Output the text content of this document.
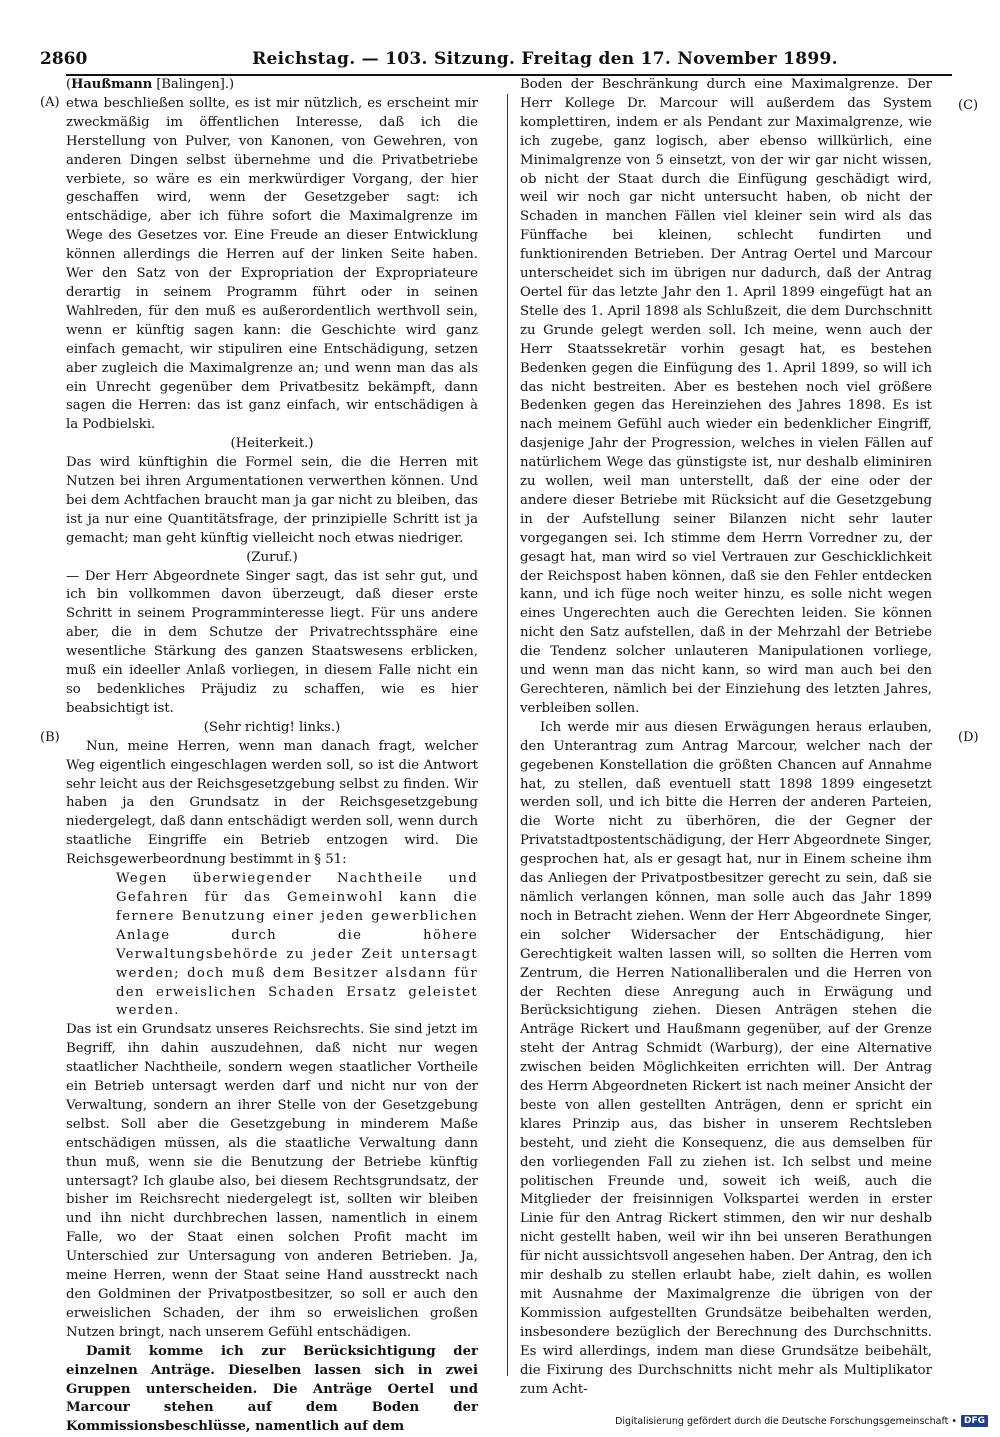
2860	Reichstag. — 103. Sitzung. Freitag den 17. November 1899.
(A)
(B)
(C)
(D)

(Haußmann [Balingen].)

etwa beschließen sollte, es ist mir nützlich, es erscheint mir zweckmäßig im öffentlichen Interesse, daß ich die Herstellung von Pulver, von Kanonen, von Gewehren, von anderen Dingen selbst übernehme und die Privatbetriebe verbiete, so wäre es ein merkwürdiger Vorgang, der hier geschaffen wird, wenn der Gesetzgeber sagt: ich entschädige, aber ich führe sofort die Maximalgrenze im Wege des Gesetzes vor. Eine Freude an dieser Entwicklung können allerdings die Herren auf der linken Seite haben. Wer den Satz von der Expropriation der Expropriateure derartig in seinem Programm führt oder in seinen Wahlreden, für den muß es außerordentlich werthvoll sein, wenn er künftig sagen kann: die Geschichte wird ganz einfach gemacht, wir stipuliren eine Entschädigung, setzen aber zugleich die Maximalgrenze an; und wenn man das als ein Unrecht gegenüber dem Privatbesitz bekämpft, dann sagen die Herren: das ist ganz einfach, wir entschädigen à la Podbielski.

(Heiterkeit.)

Das wird künftighin die Formel sein, die die Herren mit Nutzen bei ihren Argumentationen verwerthen können. Und bei dem Achtfachen braucht man ja gar nicht zu bleiben, das ist ja nur eine Quantitätsfrage, der prinzipielle Schritt ist ja gemacht; man geht künftig vielleicht noch etwas niedriger.

(Zuruf.)

— Der Herr Abgeordnete Singer sagt, das ist sehr gut, und ich bin vollkommen davon überzeugt, daß dieser erste Schritt in seinem Programminteresse liegt. Für uns andere aber, die in dem Schutze der Privatrechtssphäre eine wesentliche Stärkung des ganzen Staatswesens erblicken, muß ein ideeller Anlaß vorliegen, in diesem Falle nicht ein so bedenkliches Präjudiz zu schaffen, wie es hier beabsichtigt ist.

(Sehr richtig! links.)

Nun, meine Herren, wenn man danach fragt, welcher Weg eigentlich eingeschlagen werden soll, so ist die Antwort sehr leicht aus der Reichsgesetzgebung selbst zu finden. Wir haben ja den Grundsatz in der Reichsgesetzgebung niedergelegt, daß dann entschädigt werden soll, wenn durch staatliche Eingriffe ein Betrieb entzogen wird. Die Reichsgewerbeordnung bestimmt in § 51:

Wegen überwiegender Nachtheile und Gefahren für das Gemeinwohl kann die fernere Benutzung einer jeden gewerblichen Anlage durch die höhere Verwaltungsbehörde zu jeder Zeit untersagt werden; doch muß dem Besitzer alsdann für den erweislichen Schaden Ersatz geleistet werden.

Das ist ein Grundsatz unseres Reichsrechts. Sie sind jetzt im Begriff, ihn dahin auszudehnen, daß nicht nur wegen staatlicher Nachtheile, sondern wegen staatlicher Vortheile ein Betrieb untersagt werden darf und nicht nur von der Verwaltung, sondern an ihrer Stelle von der Gesetzgebung selbst. Soll aber die Gesetzgebung in minderem Maße entschädigen müssen, als die staatliche Verwaltung dann thun muß, wenn sie die Benutzung der Betriebe künftig untersagt? Ich glaube also, bei diesem Rechtsgrundsatz, der bisher im Reichsrecht niedergelegt ist, sollten wir bleiben und ihn nicht durchbrechen lassen, namentlich in einem Falle, wo der Staat einen solchen Profit macht im Unterschied zur Untersagung von anderen Betrieben. Ja, meine Herren, wenn der Staat seine Hand ausstreckt nach den Goldminen der Privatpostbesitzer, so soll er auch den erweislichen Schaden, der ihm so erweislichen großen Nutzen bringt, nach unserem Gefühl entschädigen.

Damit komme ich zur Berücksichtigung der einzelnen Anträge. Dieselben lassen sich in zwei Gruppen unterscheiden. Die Anträge Oertel und Marcour stehen auf dem Boden der Kommissionsbeschlüsse, namentlich auf dem

Boden der Beschränkung durch eine Maximalgrenze. Der Herr Kollege Dr. Marcour will außerdem das System komplettiren, indem er als Pendant zur Maximalgrenze, wie ich zugebe, ganz logisch, aber ebenso willkürlich, eine Minimalgrenze von 5 einsetzt, von der wir gar nicht wissen, ob nicht der Staat durch die Einfügung geschädigt wird, weil wir noch gar nicht untersucht haben, ob nicht der Schaden in manchen Fällen viel kleiner sein wird als das Fünffache bei kleinen, schlecht fundirten und funktionirenden Betrieben. Der Antrag Oertel und Marcour unterscheidet sich im übrigen nur dadurch, daß der Antrag Oertel für das letzte Jahr den 1. April 1899 eingefügt hat an Stelle des 1. April 1898 als Schlußzeit, die dem Durchschnitt zu Grunde gelegt werden soll. Ich meine, wenn auch der Herr Staatssekretär vorhin gesagt hat, es bestehen Bedenken gegen die Einfügung des 1. April 1899, so will ich das nicht bestreiten. Aber es bestehen noch viel größere Bedenken gegen das Hereinziehen des Jahres 1898. Es ist nach meinem Gefühl auch wieder ein bedenklicher Eingriff, dasjenige Jahr der Progression, welches in vielen Fällen auf natürlichem Wege das günstigste ist, nur deshalb eliminiren zu wollen, weil man unterstellt, daß der eine oder der andere dieser Betriebe mit Rücksicht auf die Gesetzgebung in der Aufstellung seiner Bilanzen nicht sehr lauter vorgegangen sei. Ich stimme dem Herrn Vorredner zu, der gesagt hat, man wird so viel Vertrauen zur Geschicklichkeit der Reichspost haben können, daß sie den Fehler entdecken kann, und ich füge noch weiter hinzu, es solle nicht wegen eines Ungerechten auch die Gerechten leiden. Sie können nicht den Satz aufstellen, daß in der Mehrzahl der Betriebe die Tendenz solcher unlauteren Manipulationen vorliege, und wenn man das nicht kann, so wird man auch bei den Gerechteren, nämlich bei der Einziehung des letzten Jahres, verbleiben sollen.

Ich werde mir aus diesen Erwägungen heraus erlauben, den Unterantrag zum Antrag Marcour, welcher nach der gegebenen Konstellation die größten Chancen auf Annahme hat, zu stellen, daß eventuell statt 1898 1899 eingesetzt werden soll, und ich bitte die Herren der anderen Parteien, die Worte nicht zu überhören, die der Gegner der Privatstadtpostentschädigung, der Herr Abgeordnete Singer, gesprochen hat, als er gesagt hat, nur in Einem scheine ihm das Anliegen der Privatpostbesitzer gerecht zu sein, daß sie nämlich verlangen können, man solle auch das Jahr 1899 noch in Betracht ziehen. Wenn der Herr Abgeordnete Singer, ein solcher Widersacher der Entschädigung, hier Gerechtigkeit walten lassen will, so sollten die Herren vom Zentrum, die Herren Nationalliberalen und die Herren von der Rechten diese Anregung auch in Erwägung und Berücksichtigung ziehen. Diesen Anträgen stehen die Anträge Rickert und Haußmann gegenüber, auf der Grenze steht der Antrag Schmidt (Warburg), der eine Alternative zwischen beiden Möglichkeiten errichten will. Der Antrag des Herrn Abgeordneten Rickert ist nach meiner Ansicht der beste von allen gestellten Anträgen, denn er spricht ein klares Prinzip aus, das bisher in unserem Rechtsleben besteht, und zieht die Konsequenz, die aus demselben für den vorliegenden Fall zu ziehen ist. Ich selbst und meine politischen Freunde und, soweit ich weiß, auch die Mitglieder der freisinnigen Volkspartei werden in erster Linie für den Antrag Rickert stimmen, den wir nur deshalb nicht gestellt haben, weil wir ihn bei unseren Berathungen für nicht aussichtsvoll angesehen haben. Der Antrag, den ich mir deshalb zu stellen erlaubt habe, zielt dahin, es wollen mit Ausnahme der Maximalgrenze die übrigen von der Kommission aufgestellten Grundsätze beibehalten werden, insbesondere bezüglich der Berechnung des Durchschnitts. Es wird allerdings, indem man diese Grundsätze beibehält, die Fixirung des Durchschnitts nicht mehr als Multiplikator zum Acht-

Digitalisierung gefördert durch die Deutsche Forschungsgemeinschaft • DFG
